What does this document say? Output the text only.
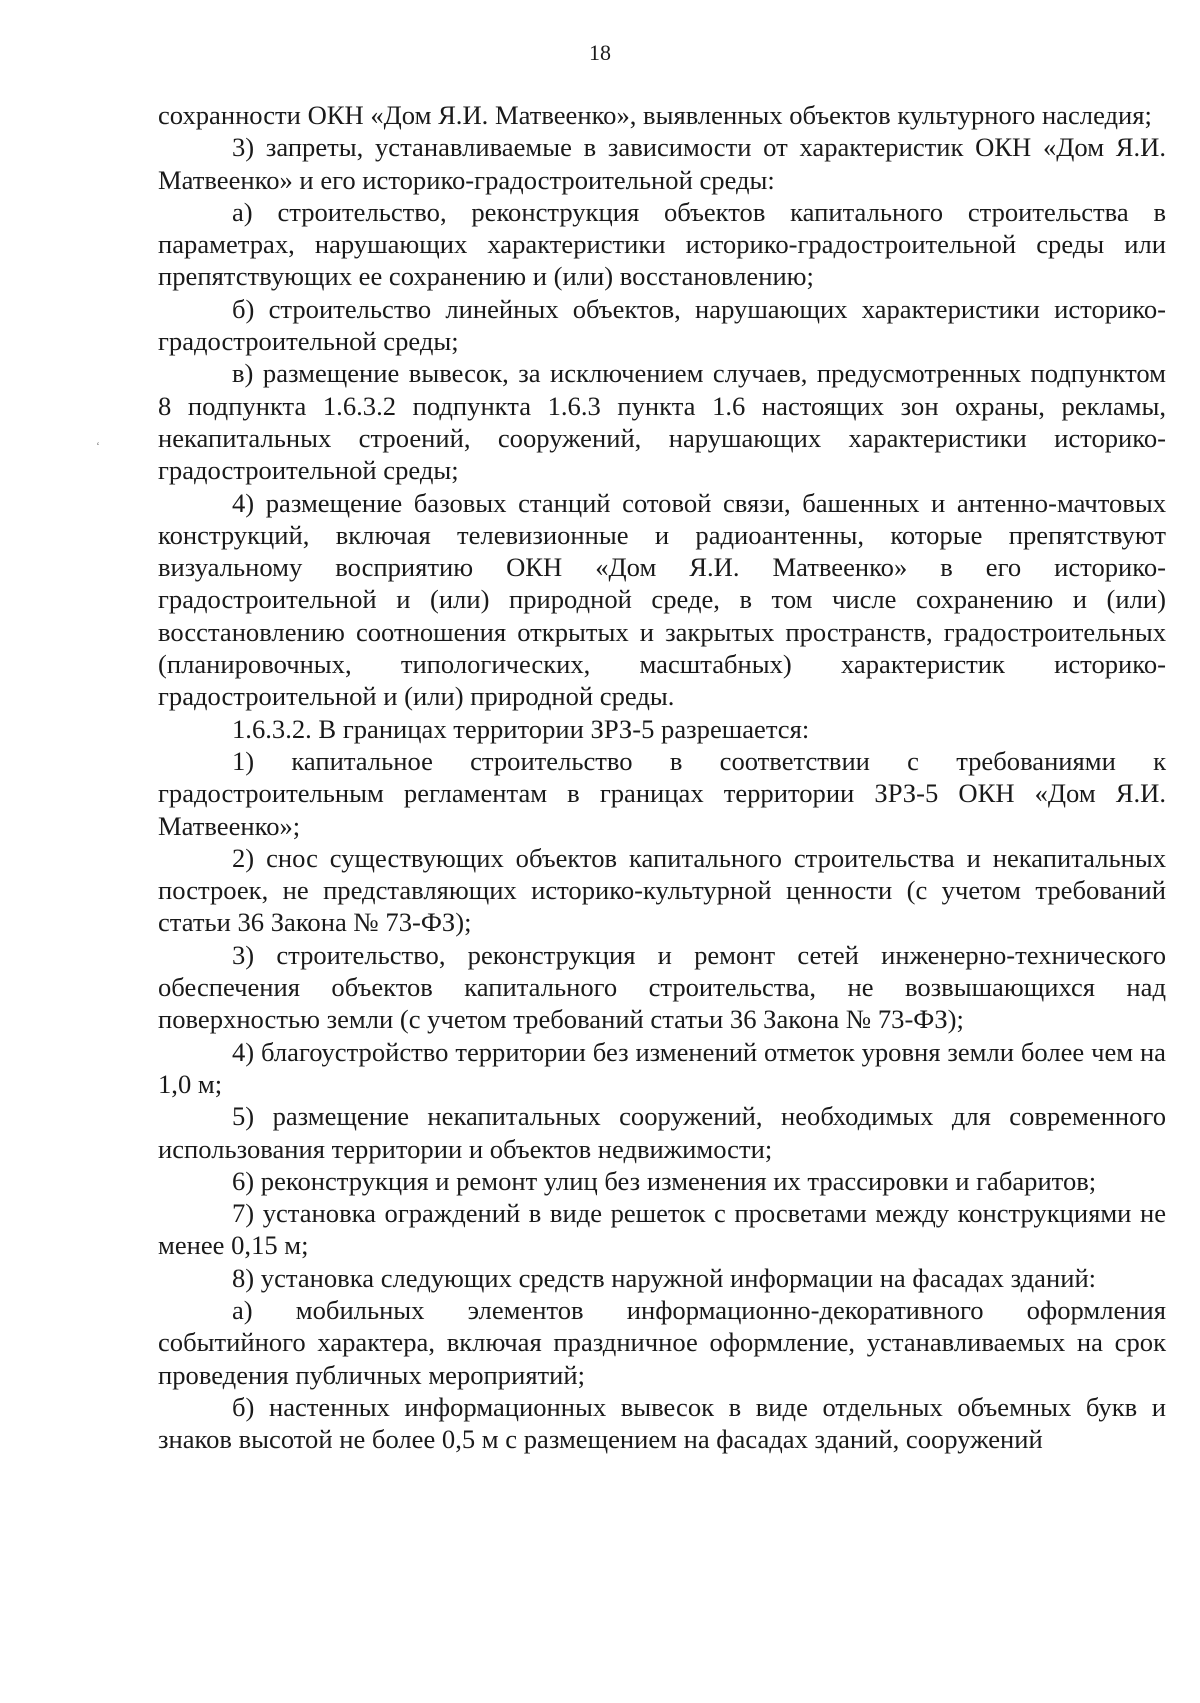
18
‘

сохранности ОКН «Дом Я.И. Матвеенко», выявленных объектов культурного наследия;

3) запреты, устанавливаемые в зависимости от характеристик ОКН «Дом Я.И. Матвеенко» и его историко-градостроительной среды:

а) строительство, реконструкция объектов капитального строительства в параметрах, нарушающих характеристики историко-градостроительной среды или препятствующих ее сохранению и (или) восстановлению;

б) строительство линейных объектов, нарушающих характеристики историко-градостроительной среды;

в) размещение вывесок, за исключением случаев, предусмотренных подпунктом 8 подпункта 1.6.3.2 подпункта 1.6.3 пункта 1.6 настоящих зон охраны, рекламы, некапитальных строений, сооружений, нарушающих характеристики историко-градостроительной среды;

4) размещение базовых станций сотовой связи, башенных и антенно-мачтовых конструкций, включая телевизионные и радиоантенны, которые препятствуют визуальному восприятию ОКН «Дом Я.И. Матвеенко» в его историко-градостроительной и (или) природной среде, в том числе сохранению и (или) восстановлению соотношения открытых и закрытых пространств, градостроительных (планировочных, типологических, масштабных) характеристик историко-градостроительной и (или) природной среды.

1.6.3.2. В границах территории ЗРЗ-5 разрешается:

1) капитальное строительство в соответствии с требованиями к градостроительным регламентам в границах территории ЗРЗ-5 ОКН «Дом Я.И. Матвеенко»;

2) снос существующих объектов капитального строительства и некапитальных построек, не представляющих историко-культурной ценности (с учетом требований статьи 36 Закона № 73-ФЗ);

3) строительство, реконструкция и ремонт сетей инженерно-технического обеспечения объектов капитального строительства, не возвышающихся над поверхностью земли (с учетом требований статьи 36 Закона № 73-ФЗ);

4) благоустройство территории без изменений отметок уровня земли более чем на 1,0 м;

5) размещение некапитальных сооружений, необходимых для современного использования территории и объектов недвижимости;

6) реконструкция и ремонт улиц без изменения их трассировки и габаритов;

7) установка ограждений в виде решеток с просветами между конструкциями не менее 0,15 м;

8) установка следующих средств наружной информации на фасадах зданий:

а) мобильных элементов информационно-декоративного оформления событийного характера, включая праздничное оформление, устанавливаемых на срок проведения публичных мероприятий;

б) настенных информационных вывесок в виде отдельных объемных букв и знаков высотой не более 0,5 м с размещением на фасадах зданий, сооружений
